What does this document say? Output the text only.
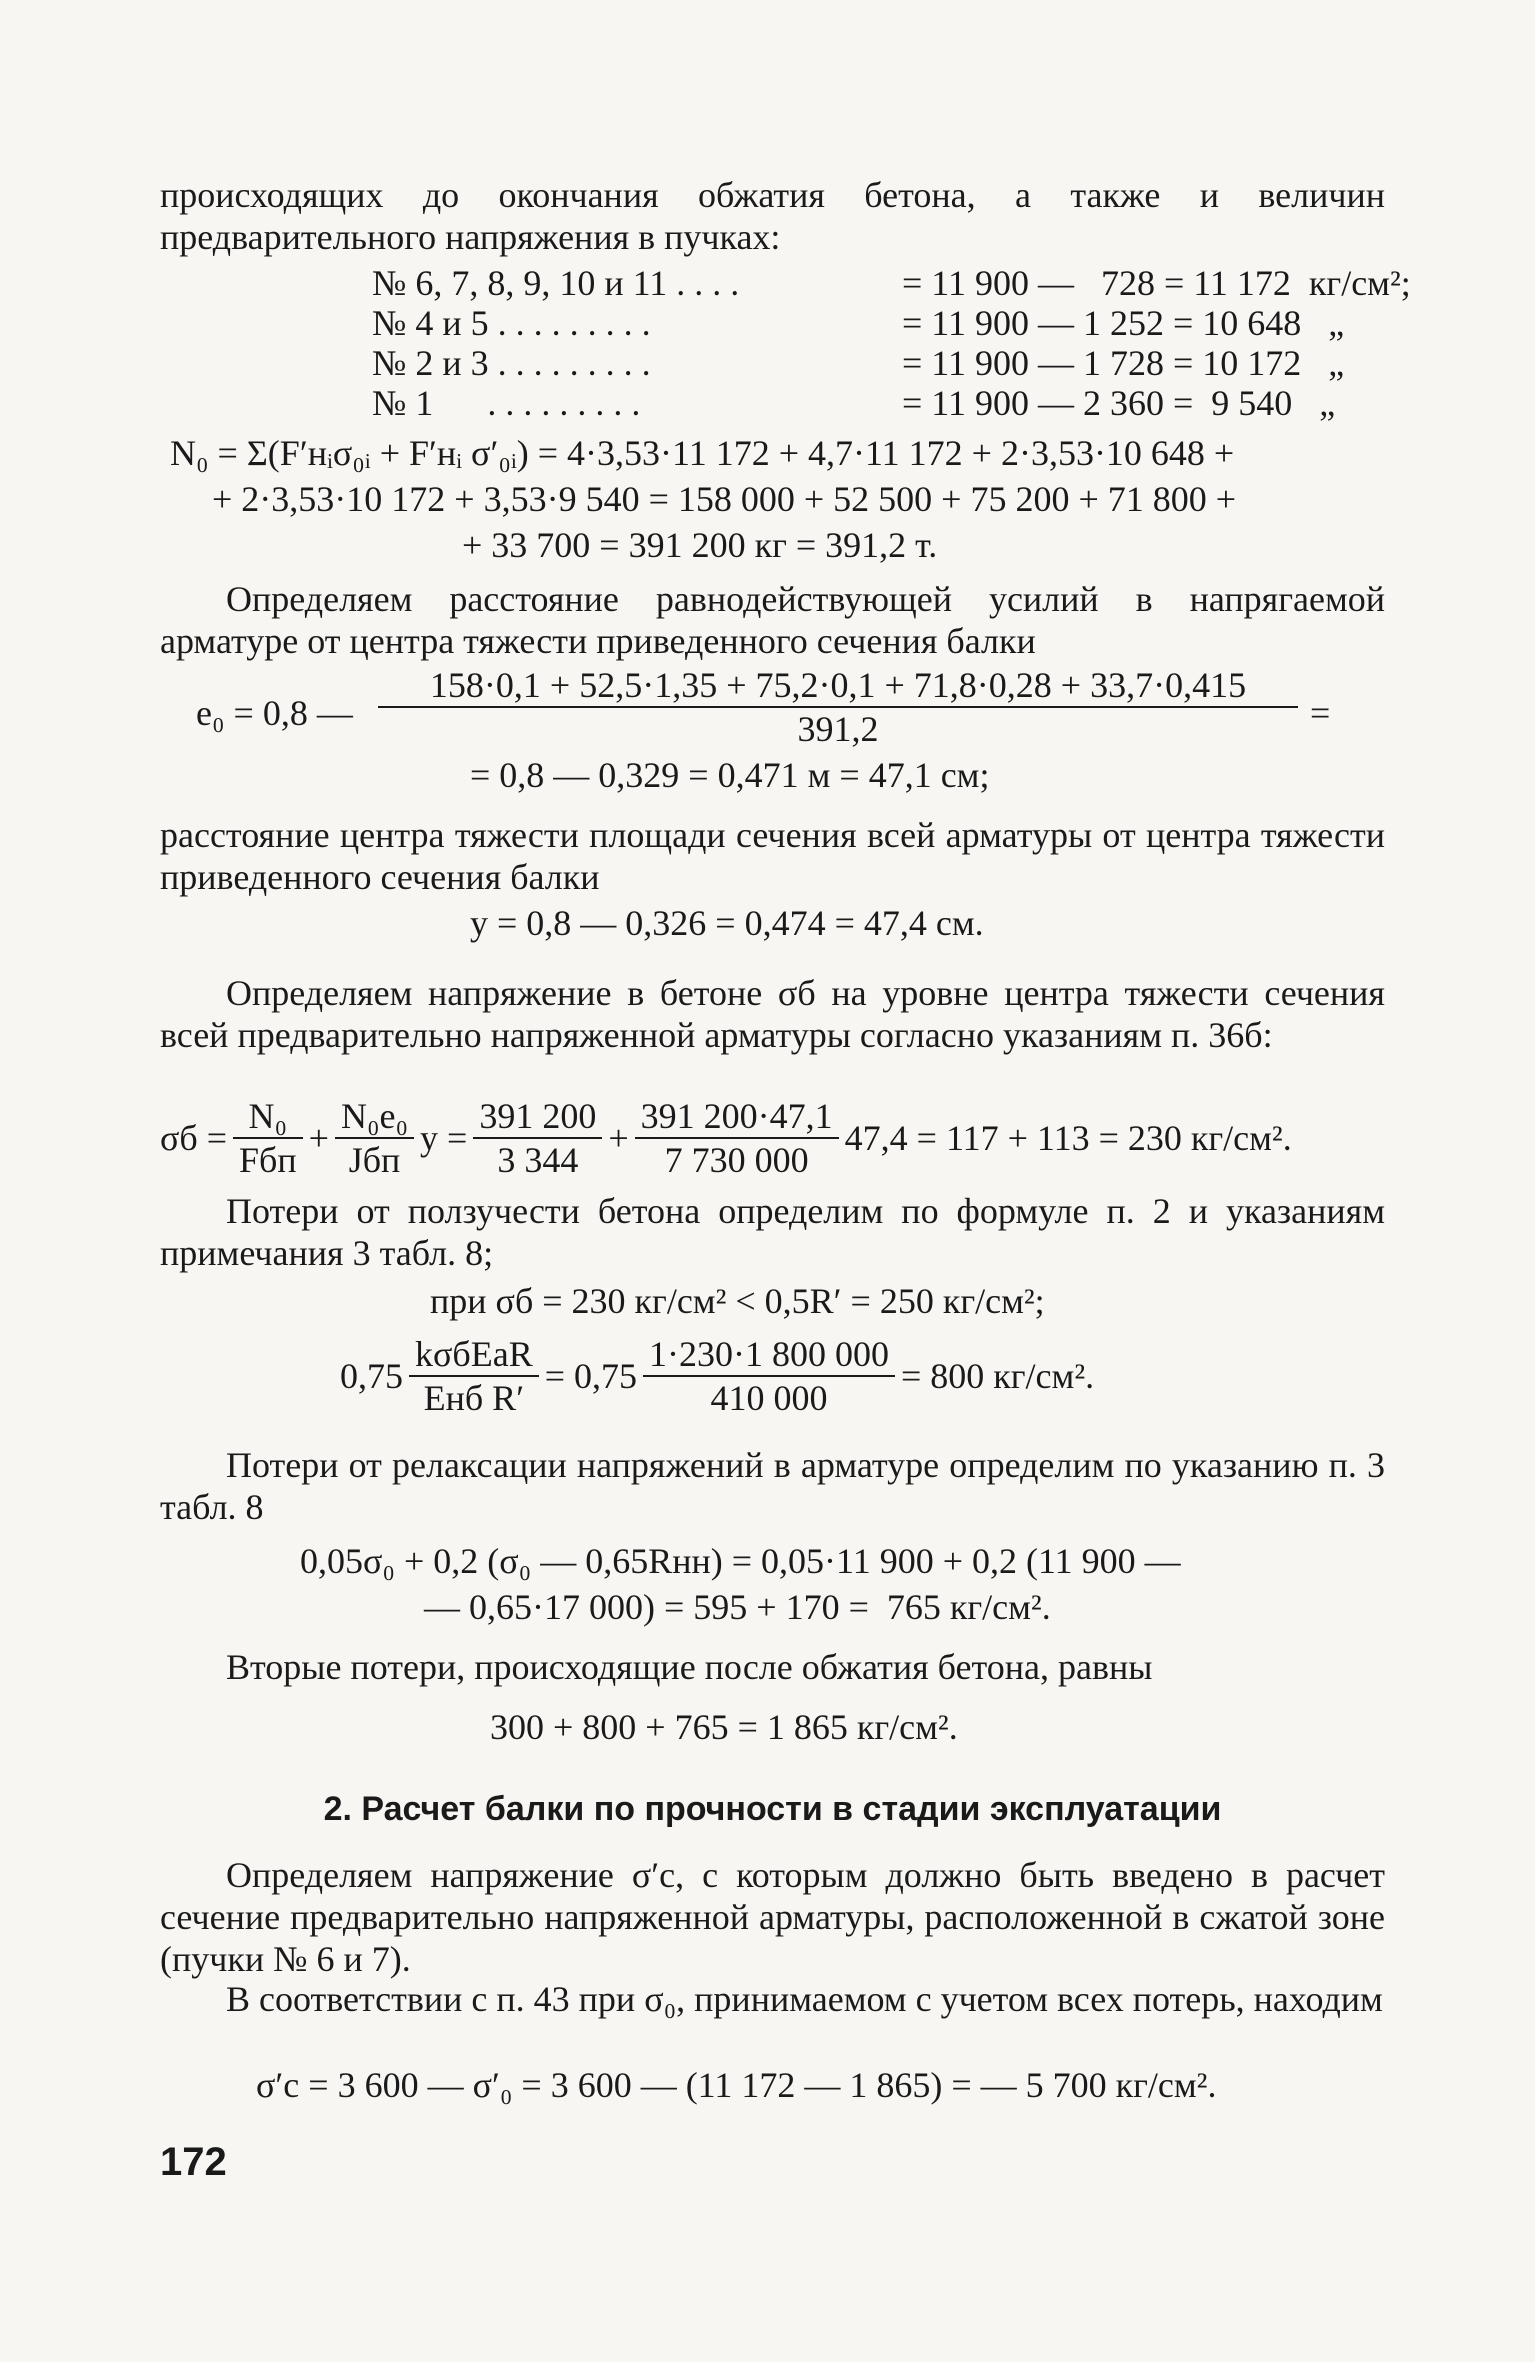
происходящих до окончания обжатия бетона, а также и величин предварительного напряжения в пучках:

№ 6, 7, 8, 9, 10 и 11 . . . .	= 11 900 —   728 = 11 172  кг/см²;
№ 4 и 5 . . . . . . . . .	= 11 900 — 1 252 = 10 648   „
№ 2 и 3 . . . . . . . . .	= 11 900 — 1 728 = 10 172   „
№ 1      . . . . . . . . .	= 11 900 — 2 360 =  9 540   „
N₀ = Σ(F′нᵢσ₀ᵢ + F′нᵢ σ′₀ᵢ) = 4·3,53·11 172 + 4,7·11 172 + 2·3,53·10 648 +
+ 2·3,53·10 172 + 3,53·9 540 = 158 000 + 52 500 + 75 200 + 71 800 +
+ 33 700 = 391 200 кг = 391,2 т.

Определяем расстояние равнодействующей усилий в напрягаемой арматуре от центра тяжести приведенного сечения балки

e₀ = 0,8 —
158·0,1 + 52,5·1,35 + 75,2·0,1 + 71,8·0,28 + 33,7·0,415
391,2	=
= 0,8 — 0,329 = 0,471 м = 47,1 см;

расстояние центра тяжести площади сечения всей арматуры от центра тяжести приведенного сечения балки

y = 0,8 — 0,326 = 0,474 = 47,4 см.

Определяем напряжение в бетоне σб на уровне центра тяжести сечения всей предварительно напряженной арматуры согласно указаниям п. 36б:

$\sigma б = \frac{\text{N₀}}{\text{Fбп}} + \frac{\text{N₀e₀}}{\text{Jбп}}$ $y = \frac{391 200}{3 344} + \frac{391 200\cdot 47,1}{7 730 000} 47,4 = 117 + 113 = 230$ кг/см².

Потери от ползучести бетона определим по формуле п. 2 и указаниям примечания 3 табл. 8;

при σб = 230 кг/см² < 0,5R′ = 250 кг/см²;
$0,75 \frac{\text{kσбEaR}}{\text{Eнб R′}} = 0,75 \frac{1\cdot 230\cdot 1 800 000}{410 000} = 800$ кг/см².

Потери от релаксации напряжений в арматуре определим по указанию п. 3 табл. 8

0,05σ₀ + 0,2 (σ₀ — 0,65Rнн) = 0,05·11 900 + 0,2 (11 900 —
— 0,65·17 000) = 595 + 170 =  765 кг/см².

Вторые потери, происходящие после обжатия бетона, равны

300 + 800 + 765 = 1 865 кг/см².
2. Расчет балки по прочности в стадии эксплуатации

Определяем напряжение σ′с, с которым должно быть введено в расчет сечение предварительно напряженной арматуры, расположенной в сжатой зоне (пучки № 6 и 7).

В соответствии с п. 43 при σ₀, принимаемом с учетом всех потерь, находим

σ′с = 3 600 — σ′₀ = 3 600 — (11 172 — 1 865) = — 5 700 кг/см².
172
